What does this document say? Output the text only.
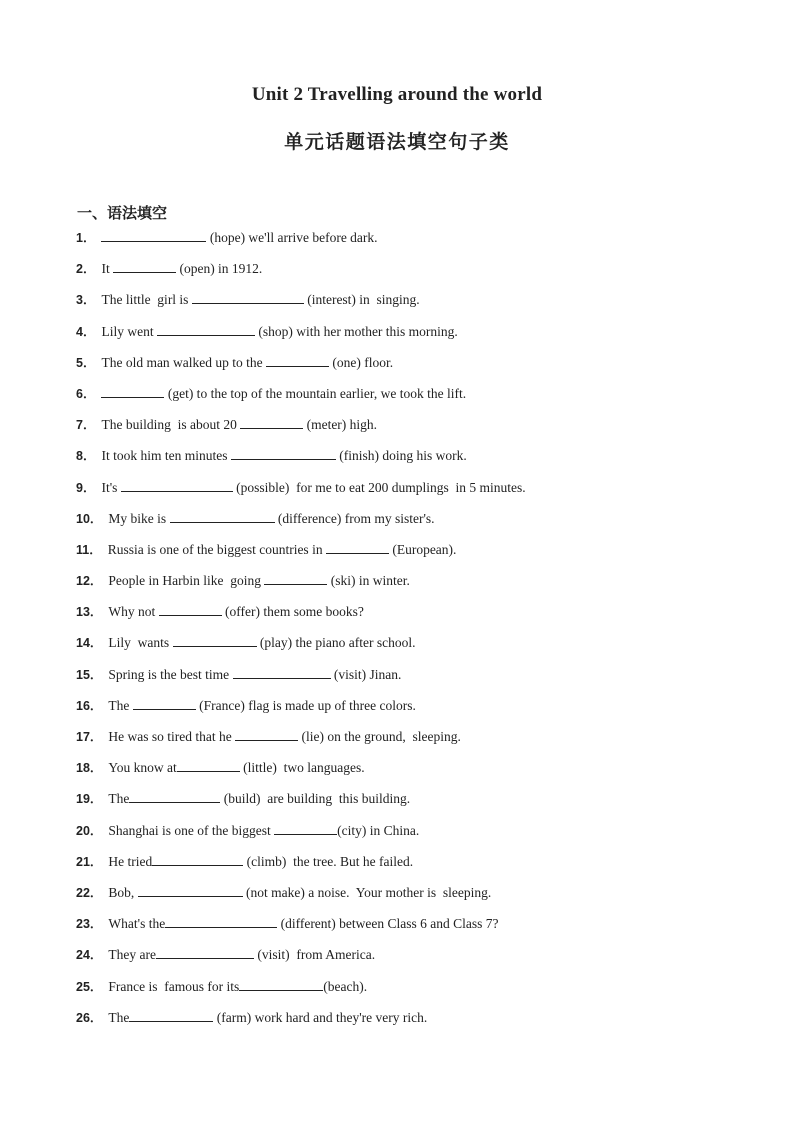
Unit 2 Travelling around the world
单元话题语法填空句子类
一、语法填空
1．	(hope) we'll arrive before dark.
2． It	(open) in 1912.
3． The little  girl is	(interest) in  singing.
4． Lily went	(shop) with her mother this morning.
5． The old man walked up to the	(one) floor.
6．	(get) to the top of the mountain earlier, we took the lift.
7． The building  is about 20	(meter) high.
8． It took him ten minutes	(finish) doing his work.
9． It's	(possible)  for me to eat 200 dumplings  in 5 minutes.
10． My bike is	(difference) from my sister's.
11． Russia is one of the biggest countries in	(European).
12． People in Harbin like  going	(ski) in winter.
13． Why not	(offer) them some books?
14． Lily  wants	(play) the piano after school.
15． Spring is the best time	(visit) Jinan.
16． The	(France) flag is made up of three colors.
17． He was so tired that he	(lie) on the ground,  sleeping.
18． You know at	(little)  two languages.
19． The	(build)  are building  this building.
20． Shanghai is one of the biggest	(city) in China.
21． He tried	(climb)  the tree. But he failed.
22． Bob,	(not make) a noise.  Your mother is  sleeping.
23． What's the	(different) between Class 6 and Class 7?
24． They are	(visit)  from America.
25． France is  famous for its	(beach).
26． The	(farm) work hard and they're very rich.
